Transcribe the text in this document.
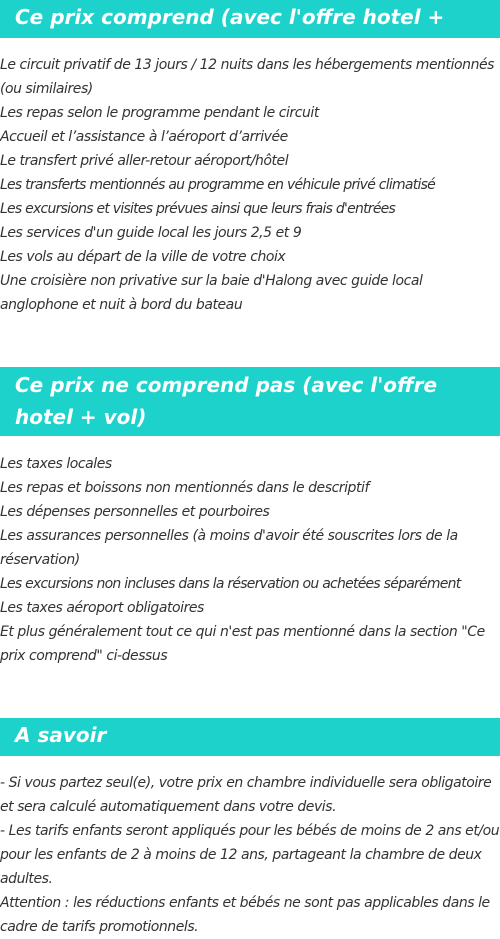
Ce prix comprend (avec l'offre hotel + vol)
Le circuit privatif de 13 jours / 12 nuits dans les hébergements mentionnés (ou similaires)
Les repas selon le programme pendant le circuit
Accueil et l’assistance à l’aéroport d’arrivée
Le transfert privé aller-retour aéroport/hôtel
Les transferts mentionnés au programme en véhicule privé climatisé
Les excursions et visites prévues ainsi que leurs frais d'entrées
Les services d'un guide local les jours 2,5 et 9
Les vols au départ de la ville de votre choix
Une croisière non privative sur la baie d'Halong avec guide local anglophone et nuit à bord du bateau
Ce prix ne comprend pas (avec l'offre hotel + vol)
Les taxes locales
Les repas et boissons non mentionnés dans le descriptif
Les dépenses personnelles et pourboires
Les assurances personnelles (à moins d'avoir été souscrites lors de la réservation)
Les excursions non incluses dans la réservation ou achetées séparément
Les taxes aéroport obligatoires
Et plus généralement tout ce qui n'est pas mentionné dans la section "Ce prix comprend" ci-dessus
A savoir
- Si vous partez seul(e), votre prix en chambre individuelle sera obligatoire et sera calculé automatiquement dans votre devis.
- Les tarifs enfants seront appliqués pour les bébés de moins de 2 ans et/ou pour les enfants de 2 à moins de 12 ans, partageant la chambre de deux adultes.
Attention : les réductions enfants et bébés ne sont pas applicables dans le cadre de tarifs promotionnels.
